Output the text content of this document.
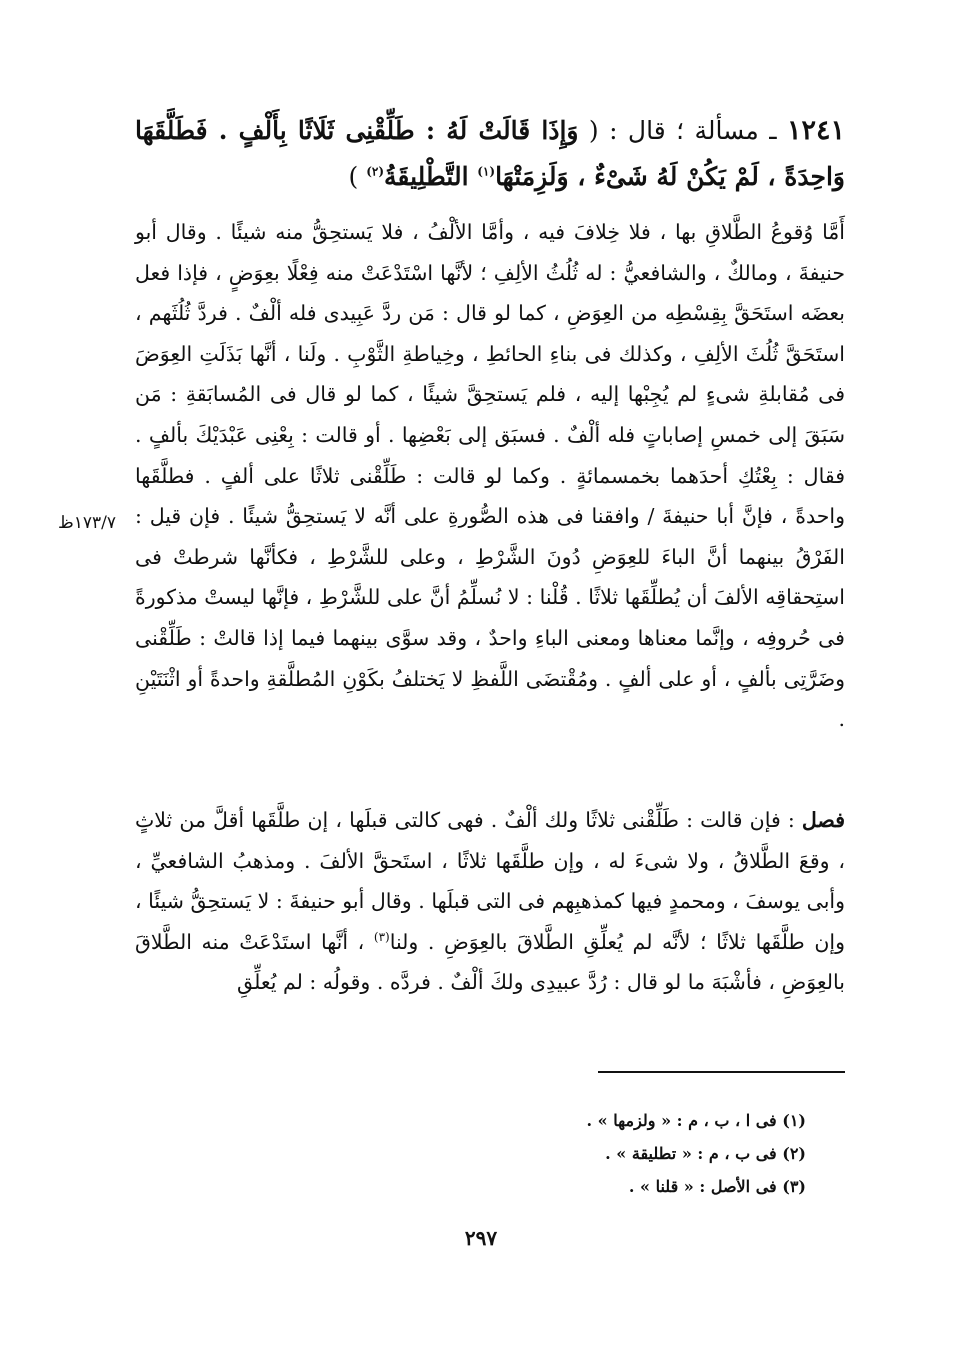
١٢٤١ ـ مسألة ؛ قال : ( وَإِذَا قَالَتْ لَهُ : طَلِّقْنِى ثَلَاثًا بِأَلْفٍ . فَطَلَّقَهَا وَاحِدَةً ، لَمْ يَكُنْ لَهُ شَىْءٌ ، وَلَزِمَتْهَا$^{(١)}$ التَّطْلِيقَةُ$^{(٢)}$ )
أَمَّا وُقوعُ الطَّلاقِ بها ، فلا خِلافَ فيه ، وأمَّا الألْفُ ، فلا يَستحِقُّ منه شيئًا . وقال أبو حنيفةَ ، ومالكٌ ، والشافعيُّ : له ثُلُثُ الألِفِ ؛ لأنَّها اسْتَدْعَتْ منه فِعْلًا بعِوَضٍ ، فإذا فعل بعضَه استَحَقَّ بِقِسْطِه من العِوَضِ ، كما لو قال : مَن ردَّ عَبِيدى فله ألْفٌ . فردَّ ثُلُثَهم ، استَحَقَّ ثُلُثَ الألِفِ ، وكذلك فى بناءِ الحائطِ ، وخِياطةِ الثَّوْبِ . ولَنا ، أنَّها بَذَلَتِ العِوَضَ فى مُقابلةِ شىءٍ لم يُجِبْها إليه ، فلم يَستحِقَّ شيئًا ، كما لو قال فى المُسابَقةِ : مَن سَبَقَ إلى خمسِ إصاباتٍ فله ألْفٌ . فسبَق إلى بَعْضِها . أو قالت : بِعْنِى عَبْدَيْكَ بألفٍ . فقال : بِعْتُكِ أحدَهما بخمسمائةٍ . وكما لو قالت : طَلِّقْنى ثلاثًا على ألفٍ . فطلَّقَها واحدةً ، فإنَّ أبا حنيفةَ / وافقنا فى هذه الصُّورةِ على أنَّه لا يَستحِقُّ شيئًا . فإن قيل : الفَرْقُ بينهما أنَّ الباءَ للعِوَضِ دُونَ الشَّرْطِ ، وعلى للشَّرْطِ ، فكأنَّها شرطتْ فى استِحقاقِه الألفَ أن يُطلِّقَها ثلاثًا . قُلْنا : لا نُسلِّمُ أنَّ على للشَّرْطِ ، فإنَّها ليستْ مذكورةً فى حُروفِه ، وإنَّما معناها ومعنى الباءِ واحدٌ ، وقد سوَّى بينهما فيما إذا قالتْ : طَلِّقْنى وضَرَّتِى بألفٍ ، أو على ألفٍ . ومُقْتضَى اللَّفظِ لا يَختلفُ بكَوْنِ المُطلَّقةِ واحدةً أو اثْنَتَيْنِ .
١٧٣/٧ظ
فصل : فإن قالت : طَلِّقْنى ثلاثًا ولك ألْفٌ . فهى كالتى قبلَها ، إن طلَّقَها أقلَّ من ثلاثٍ ، وقعَ الطَّلاقُ ، ولا شىءَ له ، وإن طلَّقَها ثلاثًا ، استَحقَّ الألفَ . ومذهبُ الشافعيِّ ، وأبى يوسفَ ، ومحمدٍ فيها كمذهبِهم فى التى قبلَها . وقال أبو حنيفةَ : لا يَستحِقُّ شيئًا ، وإن طلَّقَها ثلاثًا ؛ لأنَّه لم يُعلِّقِ الطَّلاقَ بالعِوَضِ . ولنا$^{(٣)}$ ، أنَّها استَدْعَتْ منه الطَّلاقَ بالعِوَضِ ، فأشْبَهَ ما لو قال : رُدَّ عبيدِى ولكَ ألْفٌ . فردَّه . وقولُه : لم يُعلِّقِ
(١) فى ا ، ب ، م : « ولزمها » .
(٢) فى ب ، م : « تطليقة » .
(٣) فى الأصل : « قلنا » .
٢٩٧
